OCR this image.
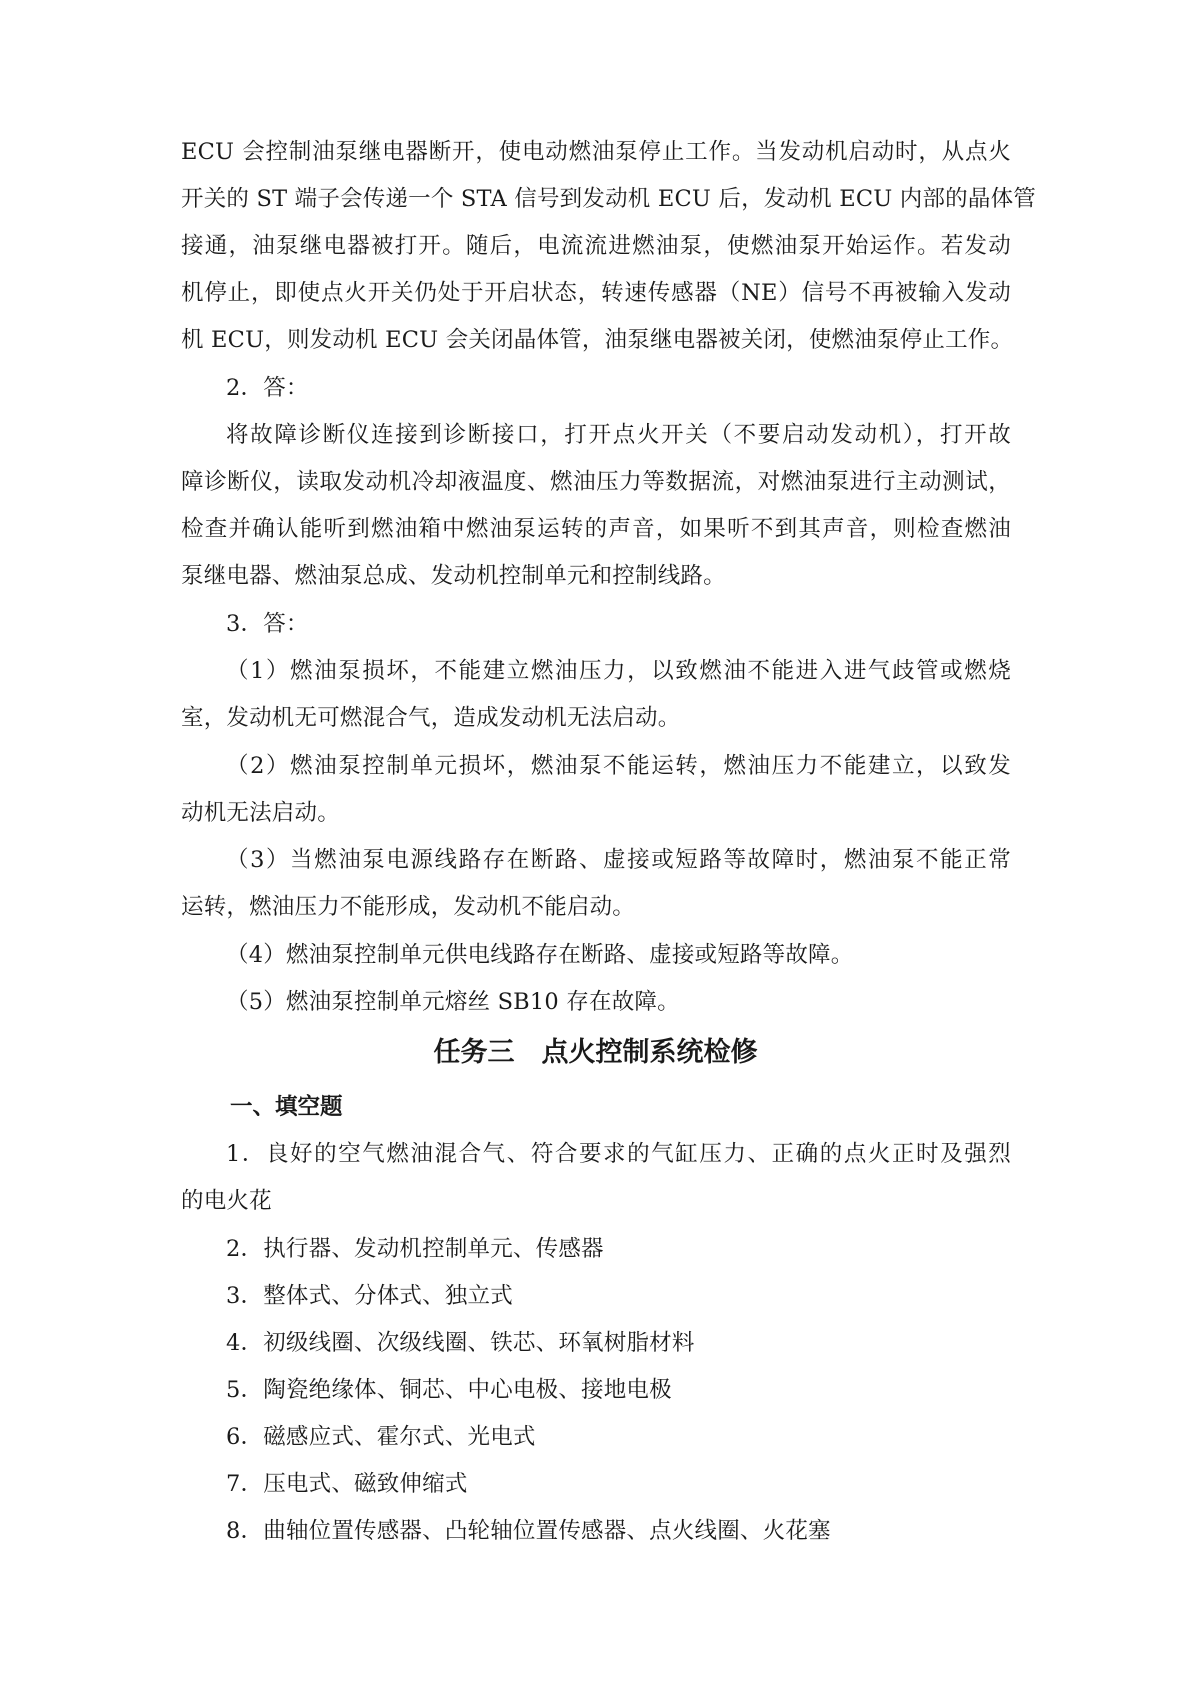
ECU 会控制油泵继电器断开，使电动燃油泵停止工作。当发动机启动时，从点火
开关的 ST 端子会传递一个 STA 信号到发动机 ECU 后，发动机 ECU 内部的晶体管
接通，油泵继电器被打开。随后，电流流进燃油泵，使燃油泵开始运作。若发动
机停止，即使点火开关仍处于开启状态，转速传感器（NE）信号不再被输入发动
机 ECU，则发动机 ECU 会关闭晶体管，油泵继电器被关闭，使燃油泵停止工作。
2．答：
将故障诊断仪连接到诊断接口，打开点火开关（不要启动发动机），打开故
障诊断仪，读取发动机冷却液温度、燃油压力等数据流，对燃油泵进行主动测试，
检查并确认能听到燃油箱中燃油泵运转的声音，如果听不到其声音，则检查燃油
泵继电器、燃油泵总成、发动机控制单元和控制线路。
3．答：
（1）燃油泵损坏，不能建立燃油压力，以致燃油不能进入进气歧管或燃烧
室，发动机无可燃混合气，造成发动机无法启动。
（2）燃油泵控制单元损坏，燃油泵不能运转，燃油压力不能建立，以致发
动机无法启动。
（3）当燃油泵电源线路存在断路、虚接或短路等故障时，燃油泵不能正常
运转，燃油压力不能形成，发动机不能启动。
（4）燃油泵控制单元供电线路存在断路、虚接或短路等故障。
（5）燃油泵控制单元熔丝 SB10 存在故障。
任务三　点火控制系统检修
一、填空题
1．良好的空气燃油混合气、符合要求的气缸压力、正确的点火正时及强烈
的电火花
2．执行器、发动机控制单元、传感器
3．整体式、分体式、独立式
4．初级线圈、次级线圈、铁芯、环氧树脂材料
5．陶瓷绝缘体、铜芯、中心电极、接地电极
6．磁感应式、霍尔式、光电式
7．压电式、磁致伸缩式
8．曲轴位置传感器、凸轮轴位置传感器、点火线圈、火花塞
